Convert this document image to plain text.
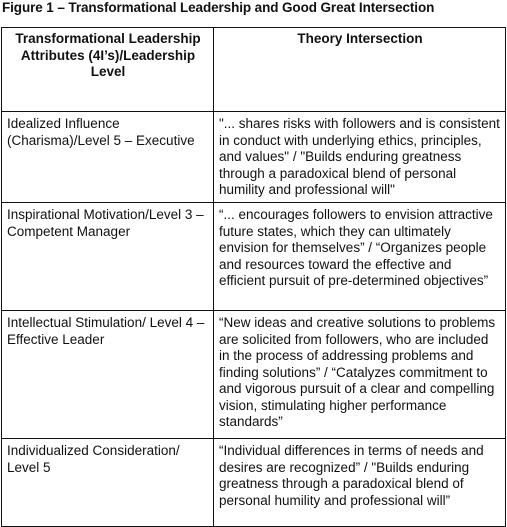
Figure 1 – Transformational Leadership and Good Great Intersection
Transformational Leadership Attributes (4I’s)/Leadership Level	Theory Intersection
Idealized Influence (Charisma)/Level 5 – Executive	"... shares risks with followers and is consistent in conduct with underlying ethics, principles, and values" / "Builds enduring greatness through a paradoxical blend of personal humility and professional will"
Inspirational Motivation/Level 3 – Competent Manager	“... encourages followers to envision attractive future states, which they can ultimately envision for themselves” / “Organizes people and resources toward the effective and efficient pursuit of pre-determined objectives”
Intellectual Stimulation/ Level 4 – Effective Leader	“New ideas and creative solutions to problems are solicited from followers, who are included in the process of addressing problems and finding solutions” / “Catalyzes commitment to and vigorous pursuit of a clear and compelling vision, stimulating higher performance standards”
Individualized Consideration/ Level 5	“Individual differences in terms of needs and desires are recognized” / "Builds enduring greatness through a paradoxical blend of personal humility and professional will”
